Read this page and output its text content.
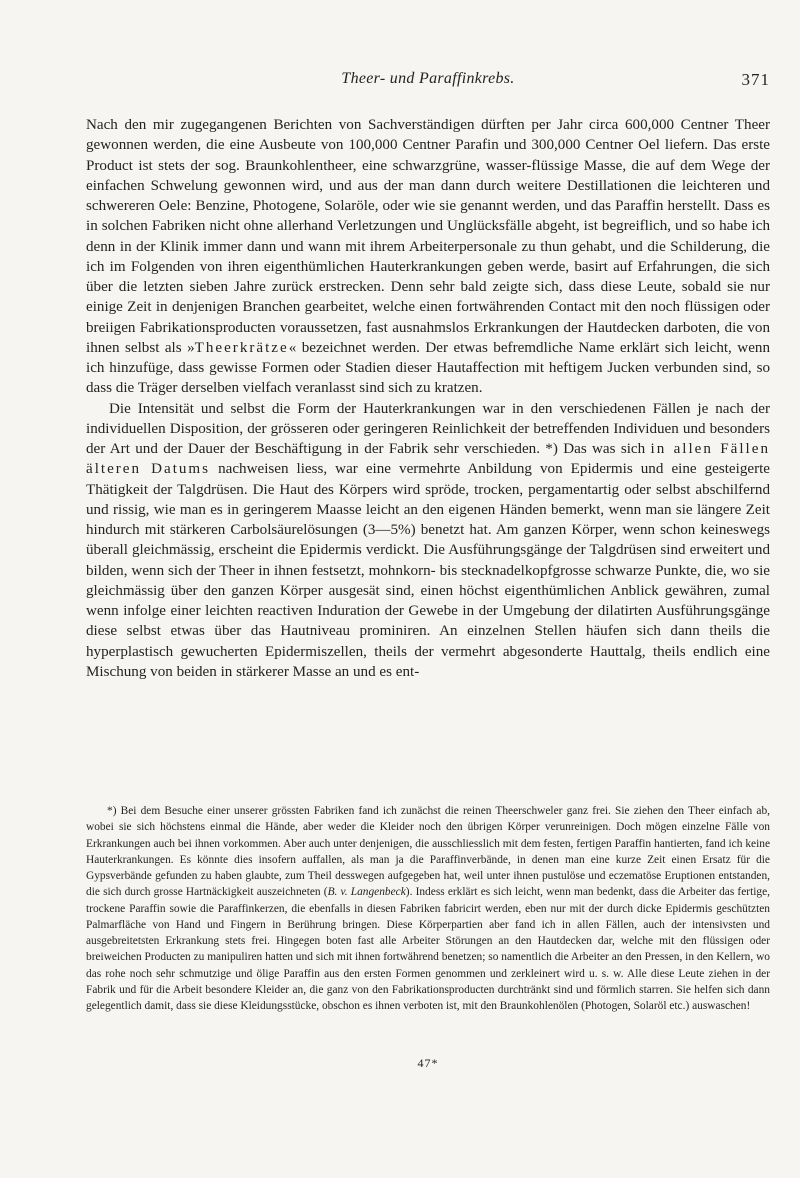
Theer- und Paraffinkrebs.	371

Nach den mir zugegangenen Berichten von Sachverständigen dürften per Jahr circa 600,000 Centner Theer gewonnen werden, die eine Ausbeute von 100,000 Centner Parafin und 300,000 Centner Oel liefern. Das erste Product ist stets der sog. Braunkohlentheer, eine schwarzgrüne, wasser-flüssige Masse, die auf dem Wege der einfachen Schwelung gewonnen wird, und aus der man dann durch weitere Destillationen die leichteren und schwereren Oele: Benzine, Photogene, Solaröle, oder wie sie genannt werden, und das Paraffin herstellt. Dass es in solchen Fabriken nicht ohne allerhand Verletzungen und Unglücksfälle abgeht, ist begreiflich, und so habe ich denn in der Klinik immer dann und wann mit ihrem Arbeiterpersonale zu thun gehabt, und die Schilderung, die ich im Folgenden von ihren eigenthümlichen Hauterkrankungen geben werde, basirt auf Erfahrungen, die sich über die letzten sieben Jahre zurück erstrecken. Denn sehr bald zeigte sich, dass diese Leute, sobald sie nur einige Zeit in denjenigen Branchen gearbeitet, welche einen fortwährenden Contact mit den noch flüssigen oder breiigen Fabrikationsproducten voraussetzen, fast ausnahmslos Erkrankungen der Hautdecken darboten, die von ihnen selbst als »Theerkrätze« bezeichnet werden. Der etwas befremdliche Name erklärt sich leicht, wenn ich hinzufüge, dass gewisse Formen oder Stadien dieser Hautaffection mit heftigem Jucken verbunden sind, so dass die Träger derselben vielfach veranlasst sind sich zu kratzen.

Die Intensität und selbst die Form der Hauterkrankungen war in den verschiedenen Fällen je nach der individuellen Disposition, der grösseren oder geringeren Reinlichkeit der betreffenden Individuen und besonders der Art und der Dauer der Beschäftigung in der Fabrik sehr verschieden. *) Das was sich in allen Fällen älteren Datums nachweisen liess, war eine vermehrte Anbildung von Epidermis und eine gesteigerte Thätigkeit der Talgdrüsen. Die Haut des Körpers wird spröde, trocken, pergamentartig oder selbst abschilfernd und rissig, wie man es in geringerem Maasse leicht an den eigenen Händen bemerkt, wenn man sie längere Zeit hindurch mit stärkeren Carbolsäurelösungen (3—5%) benetzt hat. Am ganzen Körper, wenn schon keineswegs überall gleichmässig, erscheint die Epidermis verdickt. Die Ausführungsgänge der Talgdrüsen sind erweitert und bilden, wenn sich der Theer in ihnen festsetzt, mohnkorn- bis stecknadelkopfgrosse schwarze Punkte, die, wo sie gleichmässig über den ganzen Körper ausgesät sind, einen höchst eigenthümlichen Anblick gewähren, zumal wenn infolge einer leichten reactiven Induration der Gewebe in der Umgebung der dilatirten Ausführungsgänge diese selbst etwas über das Hautniveau prominiren. An einzelnen Stellen häufen sich dann theils die hyperplastisch gewucherten Epidermiszellen, theils der vermehrt abgesonderte Hauttalg, theils endlich eine Mischung von beiden in stärkerer Masse an und es ent-

*) Bei dem Besuche einer unserer grössten Fabriken fand ich zunächst die reinen Theerschweler ganz frei. Sie ziehen den Theer einfach ab, wobei sie sich höchstens einmal die Hände, aber weder die Kleider noch den übrigen Körper verunreinigen. Doch mögen einzelne Fälle von Erkrankungen auch bei ihnen vorkommen. Aber auch unter denjenigen, die ausschliesslich mit dem festen, fertigen Paraffin hantierten, fand ich keine Hauterkrankungen. Es könnte dies insofern auffallen, als man ja die Paraffinverbände, in denen man eine kurze Zeit einen Ersatz für die Gypsverbände gefunden zu haben glaubte, zum Theil desswegen aufgegeben hat, weil unter ihnen pustulöse und eczematöse Eruptionen entstanden, die sich durch grosse Hartnäckigkeit auszeichneten (B. v. Langenbeck). Indess erklärt es sich leicht, wenn man bedenkt, dass die Arbeiter das fertige, trockene Paraffin sowie die Paraffinkerzen, die ebenfalls in diesen Fabriken fabricirt werden, eben nur mit der durch dicke Epidermis geschützten Palmarfläche von Hand und Fingern in Berührung bringen. Diese Körperpartien aber fand ich in allen Fällen, auch der intensivsten und ausgebreitetsten Erkrankung stets frei. Hingegen boten fast alle Arbeiter Störungen an den Hautdecken dar, welche mit den flüssigen oder breiweichen Producten zu manipuliren hatten und sich mit ihnen fortwährend benetzen; so namentlich die Arbeiter an den Pressen, in den Kellern, wo das rohe noch sehr schmutzige und ölige Paraffin aus den ersten Formen genommen und zerkleinert wird u. s. w. Alle diese Leute ziehen in der Fabrik und für die Arbeit besondere Kleider an, die ganz von den Fabrikationsproducten durchtränkt sind und förmlich starren. Sie helfen sich dann gelegentlich damit, dass sie diese Kleidungsstücke, obschon es ihnen verboten ist, mit den Braunkohlenölen (Photogen, Solaröl etc.) auswaschen!

47*
